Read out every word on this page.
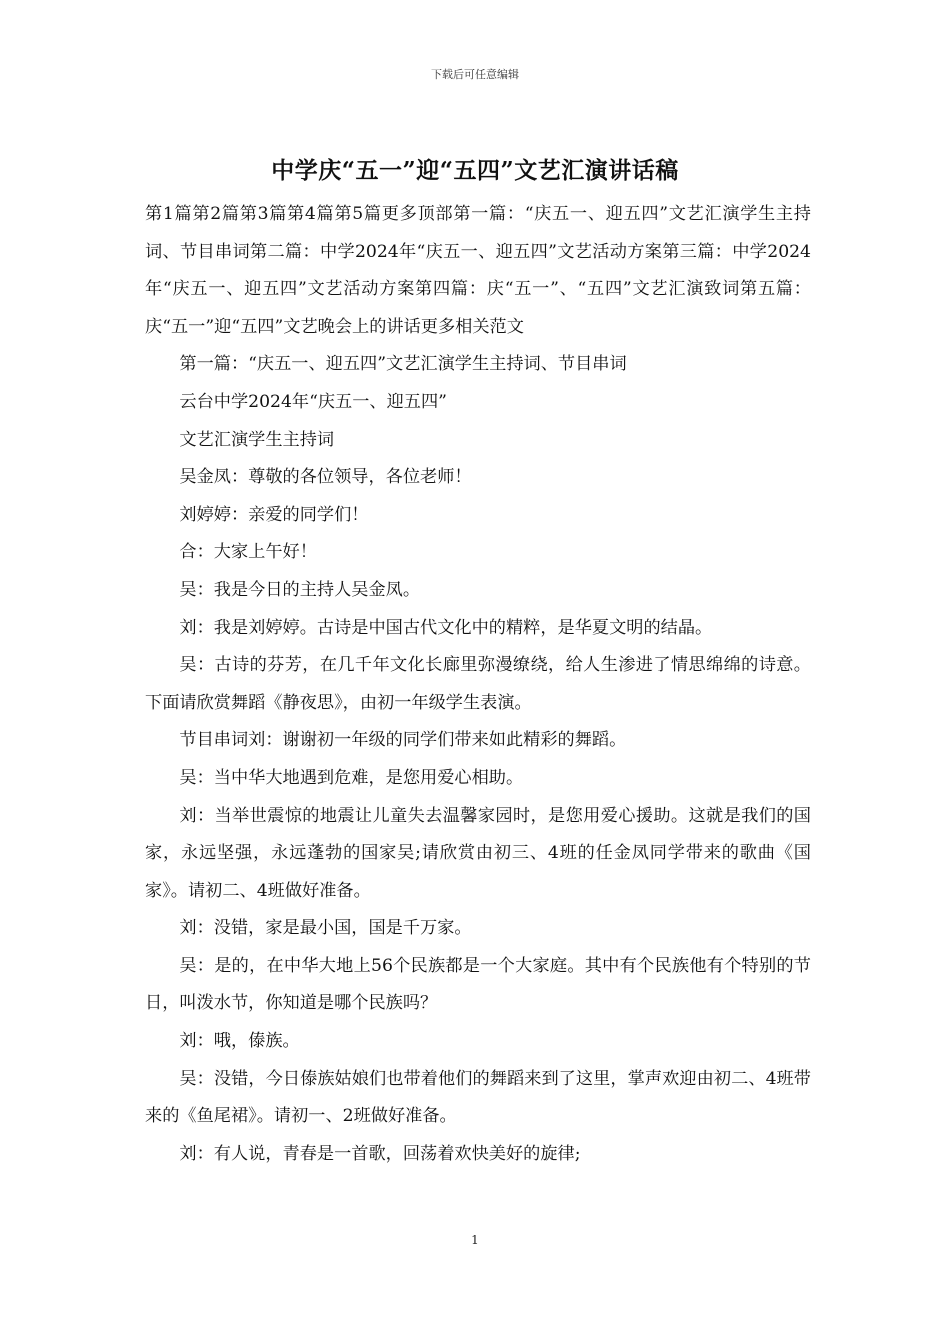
下载后可任意编辑
中学庆“五一”迎“五四”文艺汇演讲话稿

第1篇第2篇第3篇第4篇第5篇更多顶部第一篇：“庆五一、迎五四”文艺汇演学生主持词、节目串词第二篇：中学2024年“庆五一、迎五四”文艺活动方案第三篇：中学2024年“庆五一、迎五四”文艺活动方案第四篇：庆“五一”、“五四”文艺汇演致词第五篇：庆“五一”迎“五四”文艺晚会上的讲话更多相关范文

第一篇：“庆五一、迎五四”文艺汇演学生主持词、节目串词

云台中学2024年“庆五一、迎五四”

文艺汇演学生主持词

吴金凤：尊敬的各位领导，各位老师！

刘婷婷：亲爱的同学们！

合：大家上午好！

吴：我是今日的主持人吴金凤。

刘：我是刘婷婷。古诗是中国古代文化中的精粹，是华夏文明的结晶。

吴：古诗的芬芳，在几千年文化长廊里弥漫缭绕，给人生渗进了情思绵绵的诗意。下面请欣赏舞蹈《静夜思》，由初一年级学生表演。

节目串词刘：谢谢初一年级的同学们带来如此精彩的舞蹈。

吴：当中华大地遇到危难，是您用爱心相助。

刘：当举世震惊的地震让儿童失去温馨家园时，是您用爱心援助。这就是我们的国家，永远坚强，永远蓬勃的国家吴;请欣赏由初三、4班的任金凤同学带来的歌曲《国家》。请初二、4班做好准备。

刘：没错，家是最小国，国是千万家。

吴：是的，在中华大地上56个民族都是一个大家庭。其中有个民族他有个特别的节日，叫泼水节，你知道是哪个民族吗？

刘：哦，傣族。

吴：没错，今日傣族姑娘们也带着他们的舞蹈来到了这里，掌声欢迎由初二、4班带来的《鱼尾裙》。请初一、2班做好准备。

刘：有人说，青春是一首歌，回荡着欢快美好的旋律;

1
